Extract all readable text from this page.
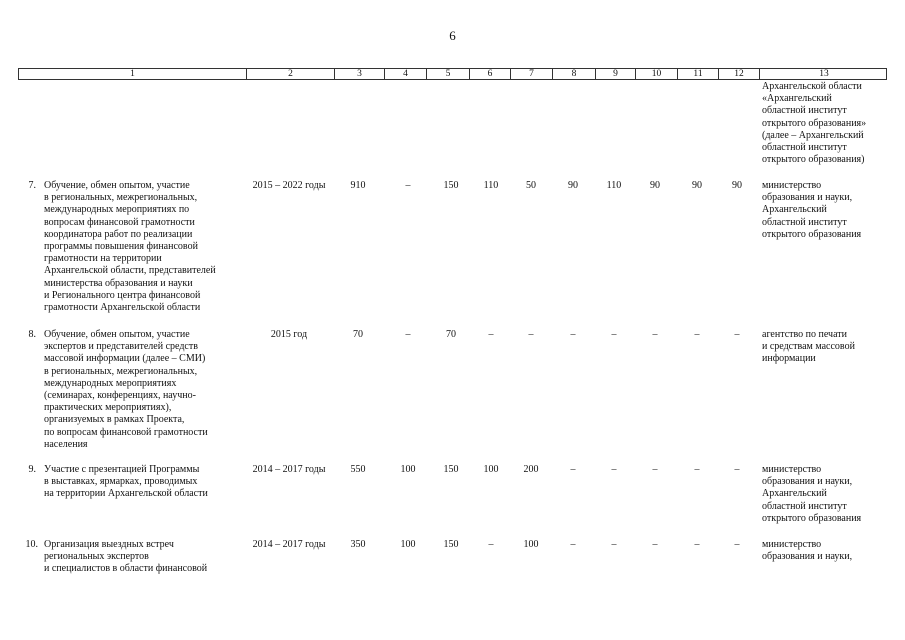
6
1	2	3	4	5	6	7	8	9	10	11	12	13
Архангельской области
«Архангельский
областной институт
открытого образования»
(далее – Архангельский
областной институт
открытого образования)
7. Обучение, обмен опытом, участие
в региональных, межрегиональных,
международных мероприятиях по
вопросам финансовой грамотности
координатора работ по реализации
программы повышения финансовой
грамотности на территории
Архангельской области, представителей
министерства образования и науки
и Регионального центра финансовой
грамотности Архангельской области
2015 – 2022 годы	910	–	150	110	50	90	110	90	90	90	министерство
образования и науки,
Архангельский
областной институт
открытого образования
8. Обучение, обмен опытом, участие
экспертов и представителей средств
массовой информации (далее – СМИ)
в региональных, межрегиональных,
международных мероприятиях
(семинарах, конференциях, научно-
практических мероприятиях),
организуемых в рамках Проекта,
по вопросам финансовой грамотности
населения
2015 год	70	–	70	–	–	–	–	–	–	–	агентство по печати
и средствам массовой
информации
9. Участие с презентацией Программы
в выставках, ярмарках, проводимых
на территории Архангельской области
2014 – 2017 годы	550	100	150	100	200	–	–	–	–	–	министерство
образования и науки,
Архангельский
областной институт
открытого образования
10. Организация выездных встреч
региональных экспертов
и специалистов в области финансовой
2014 – 2017 годы	350	100	150	–	100	–	–	–	–	–	министерство
образования и науки,
